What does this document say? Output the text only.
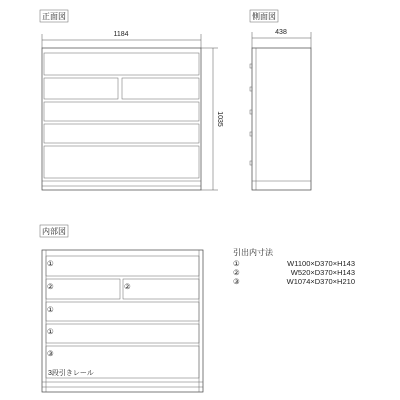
正面図	側面図
内部図
1184
1035
438
①
②	②
①
①
③
3段引きレール
引出内寸法
①	W1100×D370×H143
②	W520×D370×H143
③	W1074×D370×H210
